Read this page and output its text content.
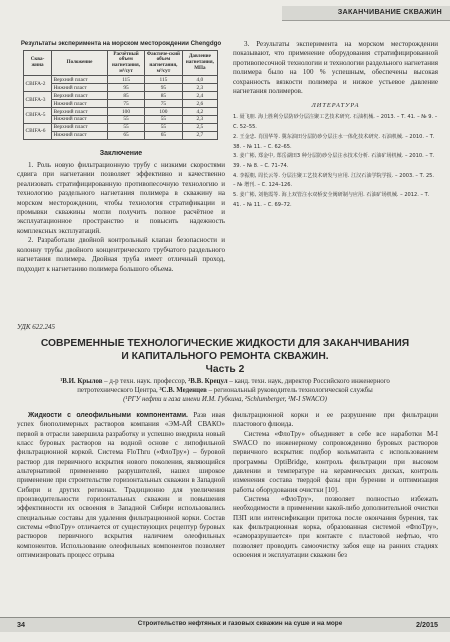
ЗАКАНЧИВАНИЕ СКВАЖИН
Результаты эксперимента на морском месторождении Chengdgo
Сква-жина	Положение	Расчётный объем нагнетания, м³/сут	Фактиче-ский объем нагнетания, м³/сут	Давление нагнетания, MПа
СВIFA-2	Верхний пласт	115	115	4,0
	Нижний пласт	95	95	2,3
СВIFA-3	Верхний пласт	85	85	2,4
	Нижний пласт	75	75	2,6
СВIFA-5	Верхний пласт	100	100	4,2
	Нижний пласт	55	55	2,3
СВIFA-6	Верхний пласт	55	55	2,5
	Нижний пласт	65	65	2,7
Заключение

1. Роль новую фильтрационную трубу с низкими скоростями сдвига при нагнетании позволяет эффективно и качественно реализовать стратифицированную противопесочную технологию и технологию раздельного нагнетания полимера в скважину на морском месторождении, чтобы технология стратификации и промывки скважины могли получить полное расчётное и эксплуатационное пространство и повысить надежность комплексных эксплуатаций.

2. Разработали двойной контрольный клапан безопасности и колонну трубы двойного концентрического трубчатого раздельного нагнетания полимера. Двойная труба имеет отличный проход, подходит к нагнетанию полимера большого объема.

3. Результаты эксперимента на морском месторождении показывают, что применение оборудования стратифицированной противопесочной технологии и технологии раздельного нагнетания полимера было на 100 % успешным, обеспечены высокая сохранность вязкости полимера и низкое устьевое давление нагнетания полимеров.

ЛИТЕРАТУРА

1. 聂飞朋. 海上胜利分层防砂分层注聚工艺技术研究. 石油机械. – 2013. – Т. 41. – № 9. – С. 52–55.

2. 王金忠. 肖国华等. 冀东油田分层防砂分层注水一体化技术研究. 石油机械. – 2010. – Т. 38. – № 11. – С. 62–65.

3. 姜广彬, 郑金中, 郑岳湖田3 种分层防砂分层注水技术分析. 石油矿场机械. – 2010. – Т. 39. – № 8. – С. 71–74.

4. 李振朝, 周长云等. 分层注聚工艺技术研发与应用. 江汉石油学院学报. – 2003. – Т. 25. – № 增刊. – С. 124–126.

5. 姜广彬, 刘艳霞等. 海上双管注水双桥安全阀研制与应用. 石油矿场机械. – 2012. – Т. 41. – № 11. – С. 69–72.

УДК 622.245
СОВРЕМЕННЫЕ ТЕХНОЛОГИЧЕСКИЕ ЖИДКОСТИ ДЛЯ ЗАКАНЧИВАНИЯ
И КАПИТАЛЬНОГО РЕМОНТА СКВАЖИН.
Часть 2
¹В.И. Крылов – д-р техн. наук. профессор, ²В.В. Крецул – канд. техн. наук, директор Российского инженерного
петротехнического Центра, ³С.В. Меденцев – региональный руководитель технологической службы
(¹РГУ нефти и газа имени И.М. Губкина, ²Schlumberger, ³M-I SWACO)

Жидкости с олеофильными компонентами. Разв ивая успех биополимерных растворов компания «ЭМ-АЙ СВАКО» первой в отрасли завершила разработку и успешно внедрила новый класс буровых растворов на водной основе с липофильной фильтрационной коркой. Система FloThru («ФлоТру») – буровой раствор для первичного вскрытия нового поколения, являющийся альтернативой применению разрушителей, нашел широкое применение при строительстве горизонтальных скважин в Западной Сибири и других регионах. Традиционно для увеличения производительности горизонтальных скважин и повышения эффективности их освоения в Западной Сибири использовались специальные составы для удаления фильтрационной корки. Состав системы «ФлоТру» отличается от существующих рецептур буровых растворов первичного вскрытия наличием олеофильных компонентов. Использование олеофильных компонентов позволяет оптимизировать процесс отрыва

фильтрационной корки и ее разрушение при фильтрации пластового флюида.

Система «ФлоТру» объединяет в себе все наработки M-I SWACO по инженерному сопровождению буровых растворов первичного вскрытия: подбор кольматанта с использованием программы OptiBridge, контроль фильтрации при высоком давлении и температуре на керамических дисках, контроль изменения состава твердой фазы при бурении и оптимизация работы оборудования очистки [10].

Система «ФлоТру», позволяет полностью избежать необходимости в применении какой-либо дополнительной очистки ПЗП или интенсификации притока после окончания бурения, так как фильтрационная корка, образованная системой «ФлоТру», «саморазрушается» при контакте с пластовой нефтью, что позволяет проводить самоочистку забоя еще на ранних стадиях освоения и эксплуатации скважин без

34	Строительство нефтяных и газовых скважин на суше и на море	2/2015
